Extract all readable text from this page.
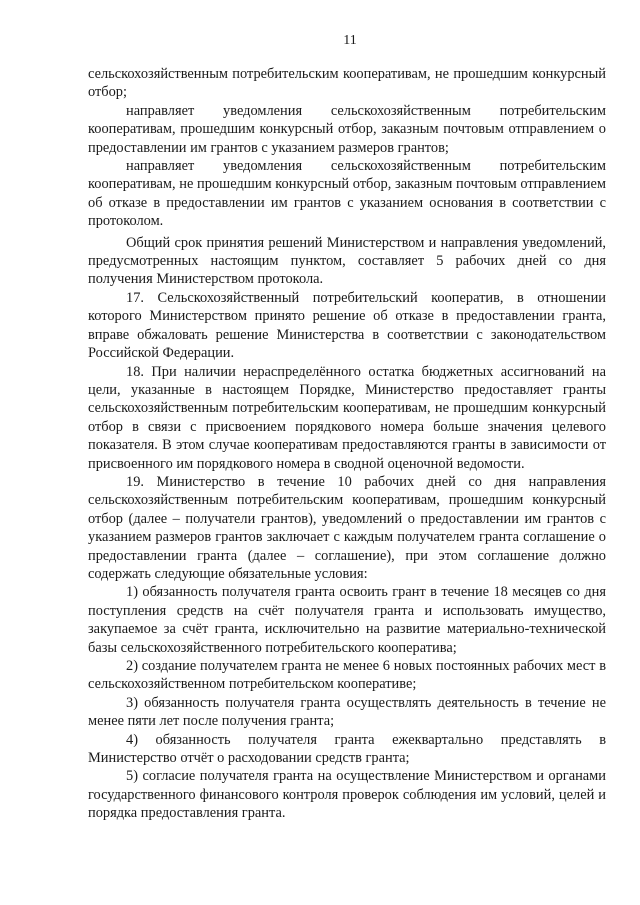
11

сельскохозяйственным потребительским кооперативам, не прошедшим конкурсный отбор;

направляет уведомления сельскохозяйственным потребительским кооперативам, прошедшим конкурсный отбор, заказным почтовым отправлением о предоставлении им грантов с указанием размеров грантов;

направляет уведомления сельскохозяйственным потребительским кооперативам, не прошедшим конкурсный отбор, заказным почтовым отправлением об отказе в предоставлении им грантов с указанием основания в соответствии с протоколом.

Общий срок принятия решений Министерством и направления уведомлений, предусмотренных настоящим пунктом, составляет 5 рабочих дней со дня получения Министерством протокола.

17. Сельскохозяйственный потребительский кооператив, в отношении которого Министерством принято решение об отказе в предоставлении гранта, вправе обжаловать решение Министерства в соответствии с законодательством Российской Федерации.

18. При наличии нераспределённого остатка бюджетных ассигнований на цели, указанные в настоящем Порядке, Министерство предоставляет гранты сельскохозяйственным потребительским кооперативам, не прошедшим конкурсный отбор в связи с присвоением порядкового номера больше значения целевого показателя. В этом случае кооперативам предоставляются гранты в зависимости от присвоенного им порядкового номера в сводной оценочной ведомости.

19. Министерство в течение 10 рабочих дней со дня направления сельскохозяйственным потребительским кооперативам, прошедшим конкурсный отбор (далее – получатели грантов), уведомлений о предоставлении им грантов с указанием размеров грантов заключает с каждым получателем гранта соглашение о предоставлении гранта (далее – соглашение), при этом соглашение должно содержать следующие обязательные условия:

1) обязанность получателя гранта освоить грант в течение 18 месяцев со дня поступления средств на счёт получателя гранта и использовать имущество, закупаемое за счёт гранта, исключительно на развитие материально-технической базы сельскохозяйственного потребительского кооператива;

2) создание получателем гранта не менее 6 новых постоянных рабочих мест в сельскохозяйственном потребительском кооперативе;

3) обязанность получателя гранта осуществлять деятельность в течение не менее пяти лет после получения гранта;

4) обязанность получателя гранта ежеквартально представлять в Министерство отчёт о расходовании средств гранта;

5) согласие получателя гранта на осуществление Министерством и органами государственного финансового контроля проверок соблюдения им условий, целей и порядка предоставления гранта.
